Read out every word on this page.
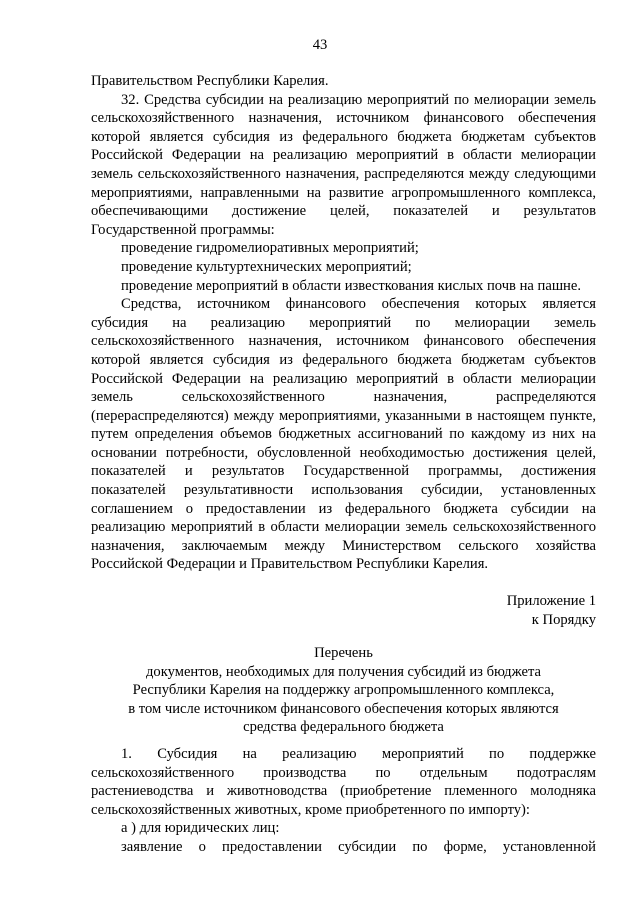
43

Правительством Республики Карелия.

32. Средства субсидии на реализацию мероприятий по мелиорации земель сельскохозяйственного назначения, источником финансового обеспечения которой является субсидия из федерального бюджета бюджетам субъектов Российской Федерации на реализацию мероприятий в области мелиорации земель сельскохозяйственного назначения, распределяются между следующими мероприятиями, направленными на развитие агропромышленного комплекса, обеспечивающими достижение целей, показателей и результатов Государственной программы:

проведение гидромелиоративных мероприятий;

проведение культуртехнических мероприятий;

проведение мероприятий в области известкования кислых почв на пашне.

Средства, источником финансового обеспечения которых является субсидия на реализацию мероприятий по мелиорации земель сельскохозяйственного назначения, источником финансового обеспечения которой является субсидия из федерального бюджета бюджетам субъектов Российской Федерации на реализацию мероприятий в области мелиорации земель сельскохозяйственного назначения, распределяются (перераспределяются) между мероприятиями, указанными в настоящем пункте, путем определения объемов бюджетных ассигнований по каждому из них на основании потребности, обусловленной необходимостью достижения целей, показателей и результатов Государственной программы, достижения показателей результативности использования субсидии, установленных соглашением о предоставлении из федерального бюджета субсидии на реализацию мероприятий в области мелиорации земель сельскохозяйственного назначения, заключаемым между Министерством сельского хозяйства Российской Федерации и Правительством Республики Карелия.

Приложение 1
к Порядку

Перечень

документов, необходимых для получения субсидий из бюджета

Республики Карелия на поддержку агропромышленного комплекса,

в том числе источником финансового обеспечения которых являются

средства федерального бюджета

1. Субсидия на реализацию мероприятий по поддержке сельскохозяйственного производства по отдельным подотраслям растениеводства и животноводства (приобретение племенного молодняка сельскохозяйственных животных, кроме приобретенного по импорту):

а ) для юридических лиц:

заявление о предоставлении субсидии по форме, установленной
